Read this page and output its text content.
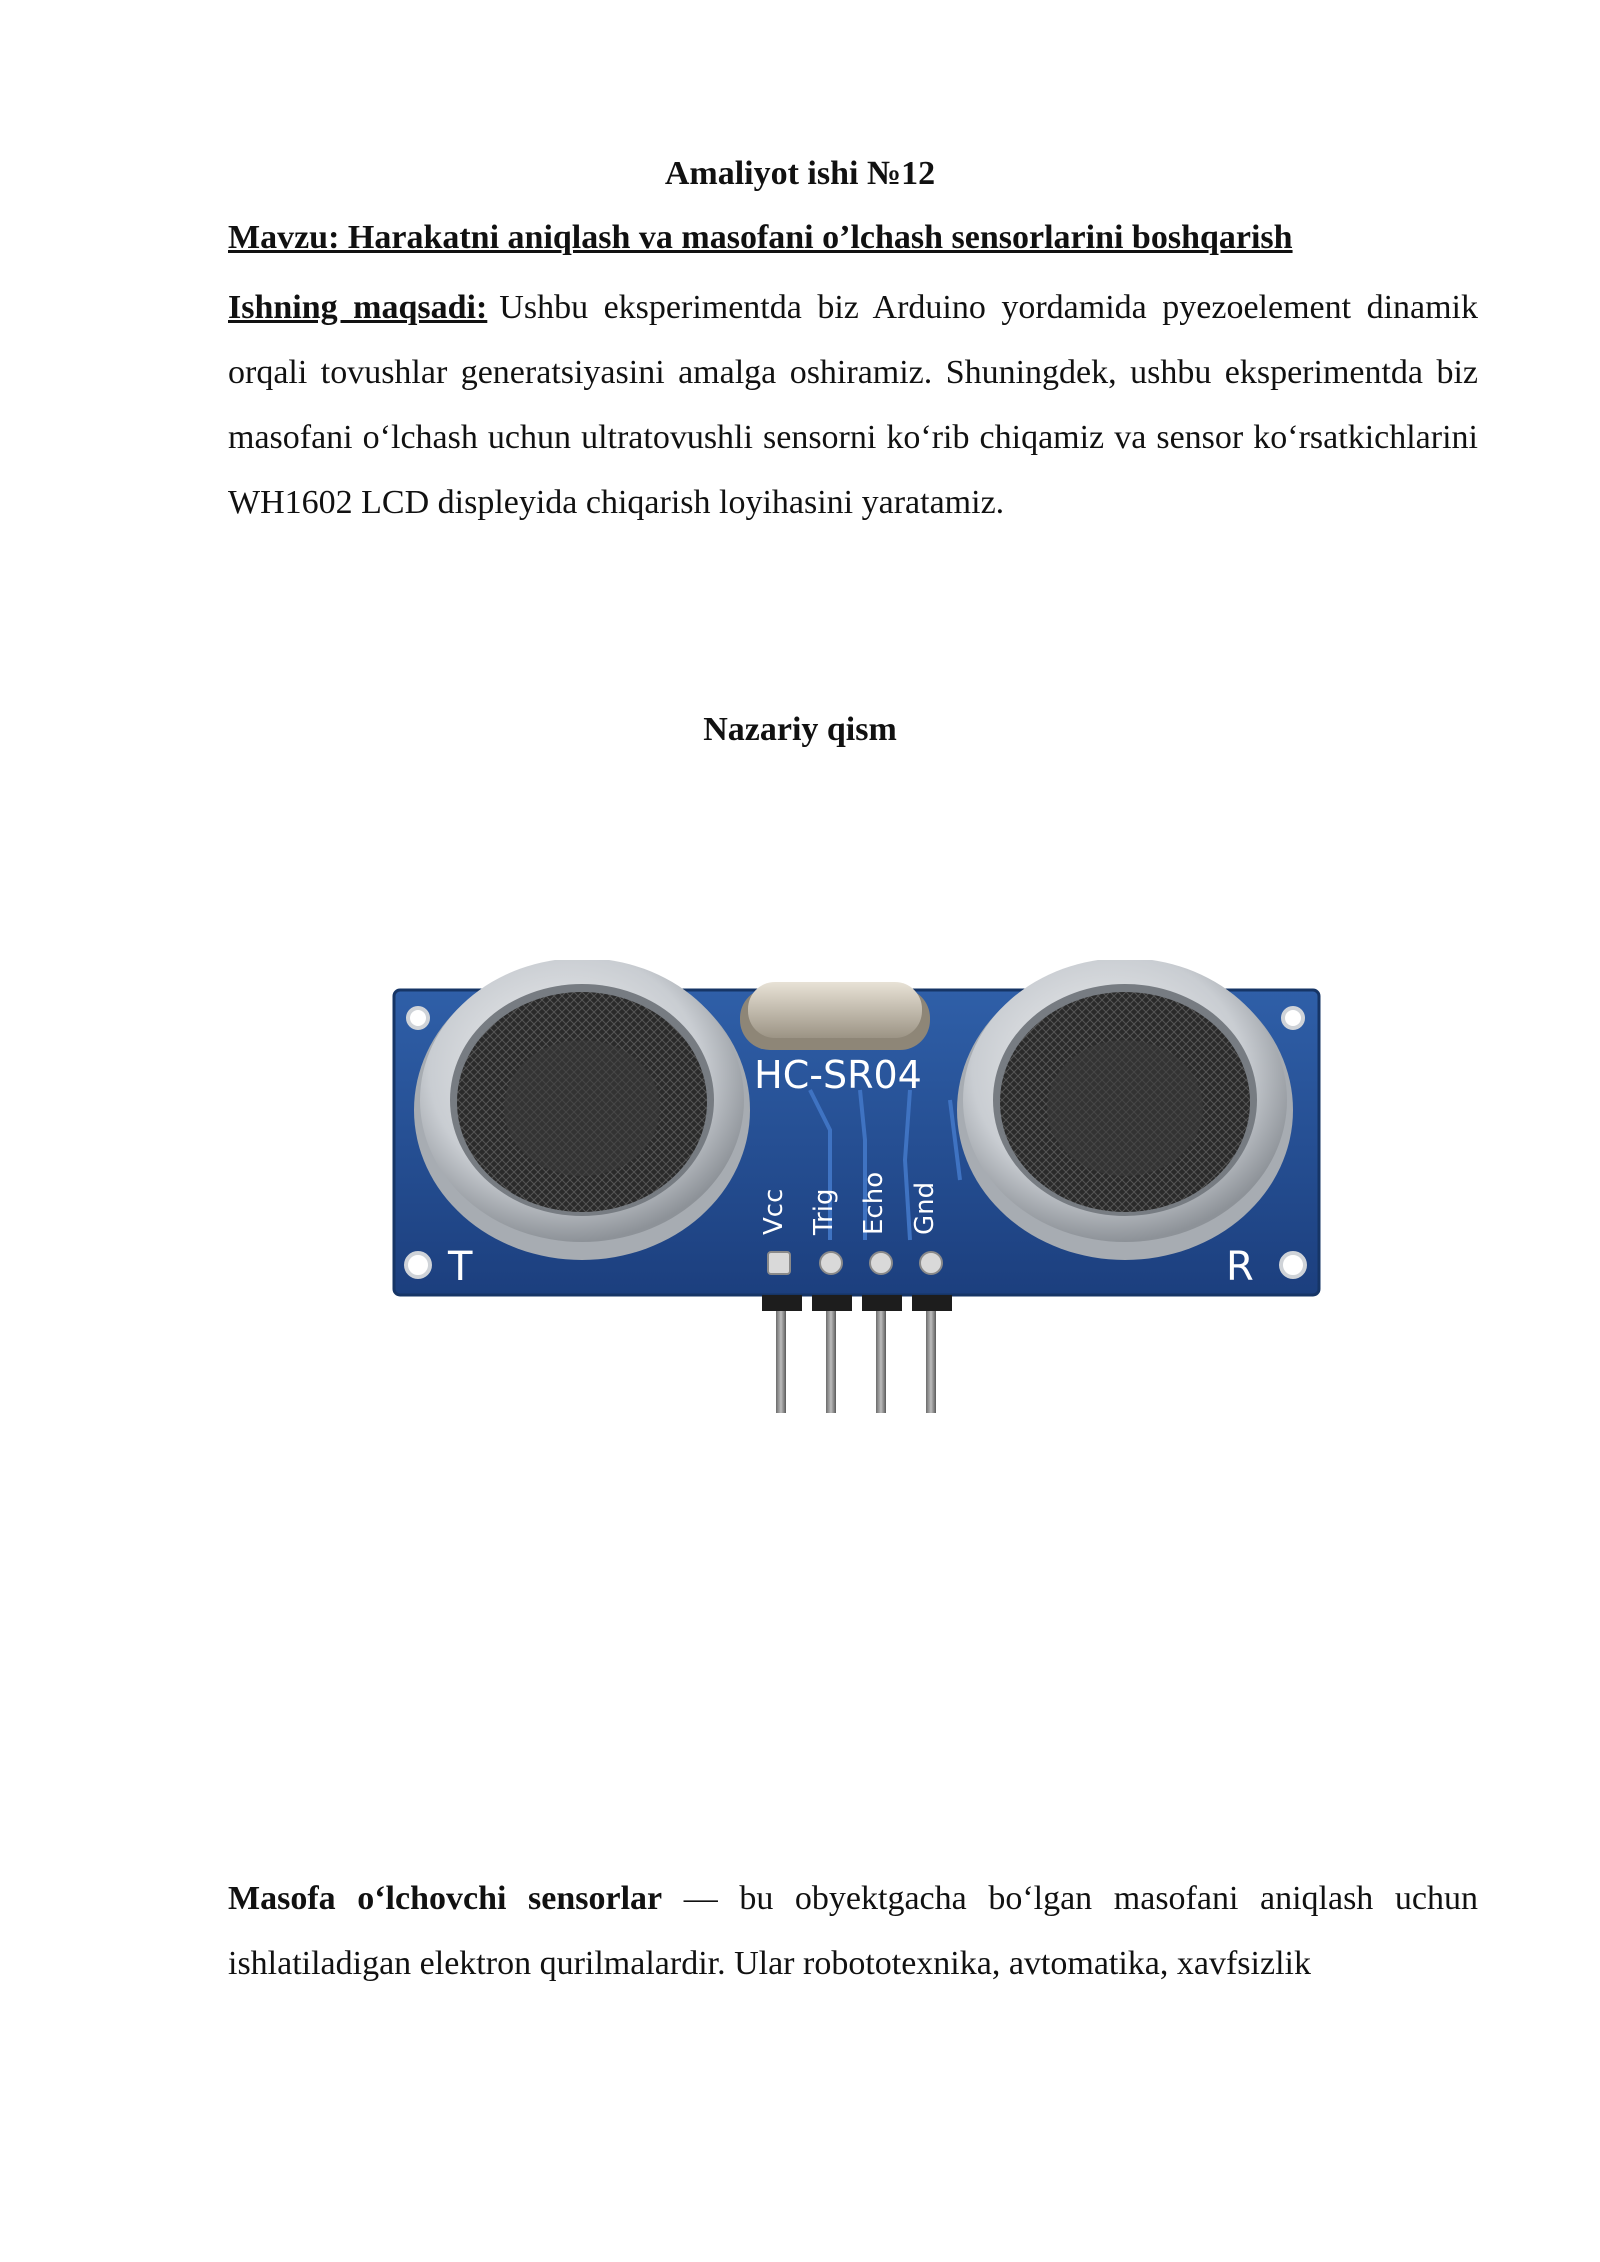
Amaliyot ishi №12
Mavzu: Harakatni aniqlash va masofani o’lchash sensorlarini boshqarish

Ishning maqsadi: Ushbu eksperimentda biz Arduino yordamida pyezoelement dinamik orqali tovushlar generatsiyasini amalga oshiramiz. Shuningdek, ushbu eksperimentda biz masofani oʻlchash uchun ultratovushli sensorni koʻrib chiqamiz va sensor koʻrsatkichlarini WH1602 LCD displeyida chiqarish loyihasini yaratamiz.

Nazariy qism
HC-SR04
Vcc Trig Echo Gnd
T	R

Masofa oʻlchovchi sensorlar — bu obyektgacha boʻlgan masofani aniqlash uchun ishlatiladigan elektron qurilmalardir. Ular robototexnika, avtomatika, xavfsizlik
